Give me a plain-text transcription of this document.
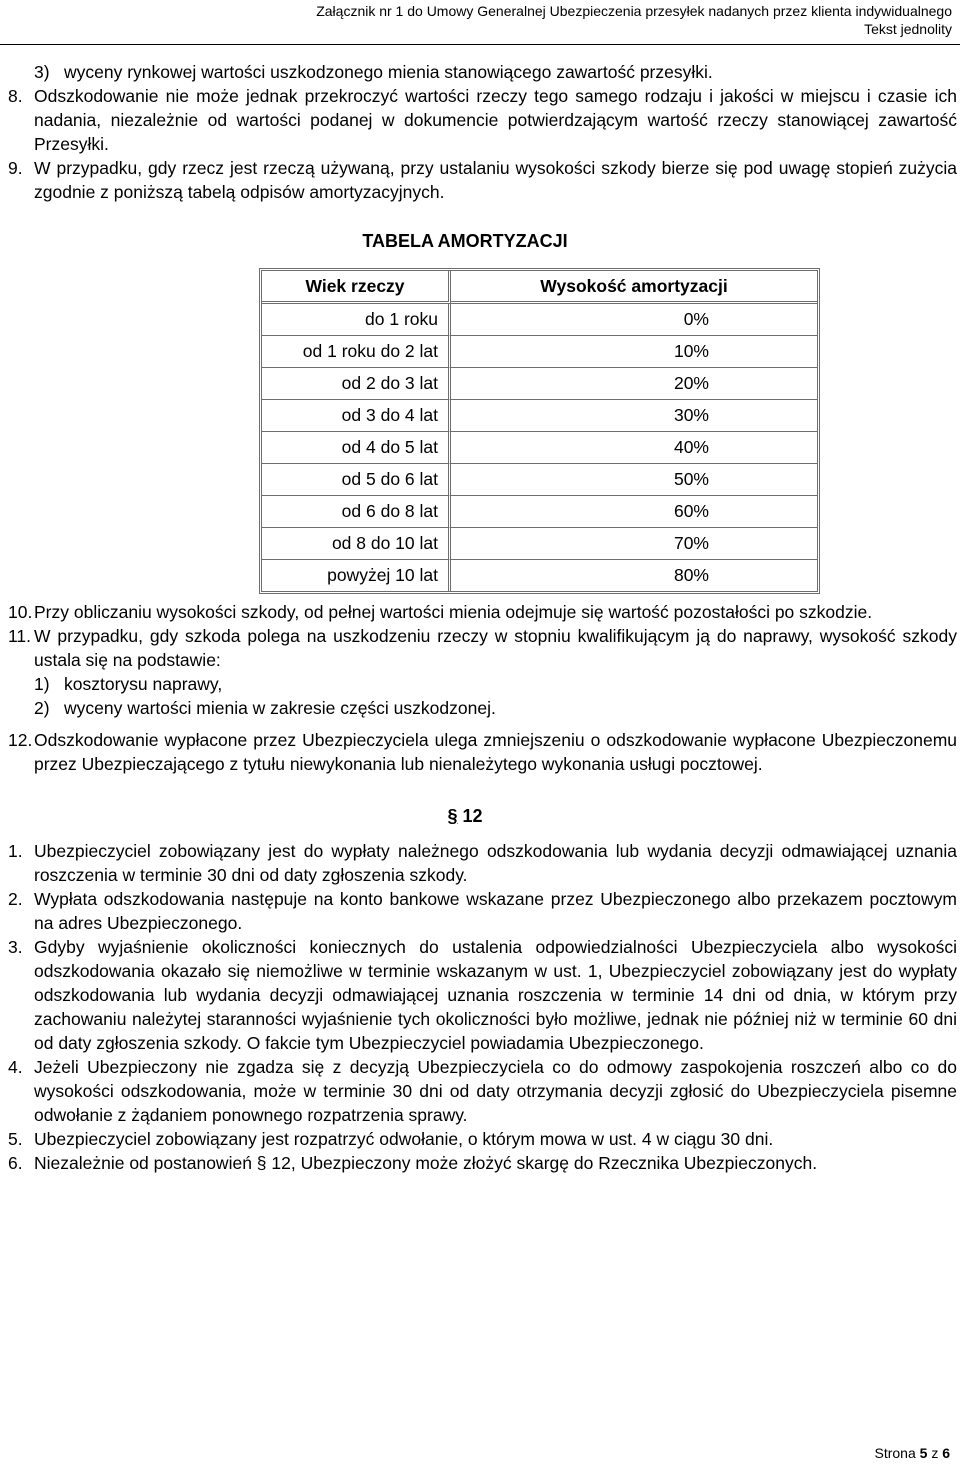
Załącznik nr 1 do Umowy Generalnej Ubezpieczenia przesyłek nadanych przez klienta indywidualnego
Tekst jednolity
3) wyceny rynkowej wartości uszkodzonego mienia stanowiącego zawartość przesyłki.
8. Odszkodowanie nie może jednak przekroczyć wartości rzeczy tego samego rodzaju i jakości w miejscu i czasie ich nadania, niezależnie od wartości podanej w dokumencie potwierdzającym wartość rzeczy stanowiącej zawartość Przesyłki.
9. W przypadku, gdy rzecz jest rzeczą używaną, przy ustalaniu wysokości szkody bierze się pod uwagę stopień zużycia zgodnie z poniższą tabelą odpisów amortyzacyjnych.
TABELA AMORTYZACJI
Wiek rzeczy	Wysokość amortyzacji
do 1 roku	0%
od 1 roku do 2 lat	10%
od 2 do 3 lat	20%
od 3 do 4 lat	30%
od 4 do 5 lat	40%
od 5 do 6 lat	50%
od 6 do 8 lat	60%
od 8 do 10 lat	70%
powyżej 10 lat	80%
10. Przy obliczaniu wysokości szkody, od pełnej wartości mienia odejmuje się wartość pozostałości po szkodzie.
11. W przypadku, gdy szkoda polega na uszkodzeniu rzeczy w stopniu kwalifikującym ją do naprawy, wysokość szkody ustala się na podstawie:
1) kosztorysu naprawy,
2) wyceny wartości mienia w zakresie części uszkodzonej.
12. Odszkodowanie wypłacone przez Ubezpieczyciela ulega zmniejszeniu o odszkodowanie wypłacone Ubezpieczonemu przez Ubezpieczającego z tytułu niewykonania lub nienależytego wykonania usługi pocztowej.
§ 12
1. Ubezpieczyciel zobowiązany jest do wypłaty należnego odszkodowania lub wydania decyzji odmawiającej uznania roszczenia w terminie 30 dni od daty zgłoszenia szkody.
2. Wypłata odszkodowania następuje na konto bankowe wskazane przez Ubezpieczonego albo przekazem pocztowym na adres Ubezpieczonego.
3. Gdyby wyjaśnienie okoliczności koniecznych do ustalenia odpowiedzialności Ubezpieczyciela albo wysokości odszkodowania okazało się niemożliwe w terminie wskazanym w ust. 1, Ubezpieczyciel zobowiązany jest do wypłaty odszkodowania lub wydania decyzji odmawiającej uznania roszczenia w terminie 14 dni od dnia, w którym przy zachowaniu należytej staranności wyjaśnienie tych okoliczności było możliwe, jednak nie później niż w terminie 60 dni od daty zgłoszenia szkody. O fakcie tym Ubezpieczyciel powiadamia Ubezpieczonego.
4. Jeżeli Ubezpieczony nie zgadza się z decyzją Ubezpieczyciela co do odmowy zaspokojenia roszczeń albo co do wysokości odszkodowania, może w terminie 30 dni od daty otrzymania decyzji zgłosić do Ubezpieczyciela pisemne odwołanie z żądaniem ponownego rozpatrzenia sprawy.
5. Ubezpieczyciel zobowiązany jest rozpatrzyć odwołanie, o którym mowa w ust. 4 w ciągu 30 dni.
6. Niezależnie od postanowień § 12, Ubezpieczony może złożyć skargę do Rzecznika Ubezpieczonych.
Strona 5 z 6
